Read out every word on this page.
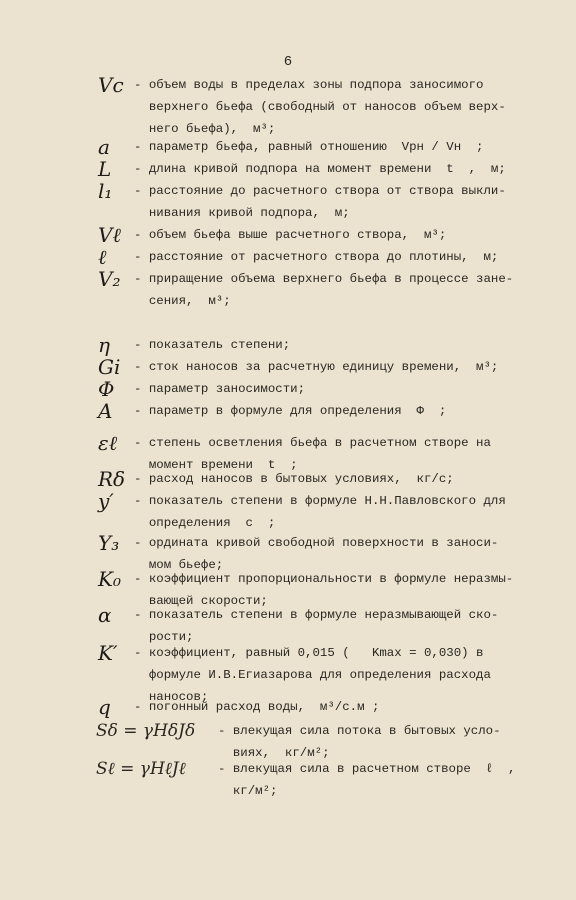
6
Vc - объем воды в пределах зоны подпора заносимого
верхнего бьефа (свободный от наносов объем верх-
него бьефа),  м³;
a	- параметр бьефа, равный отношению  Vрн / Vн  ;
L	- длина кривой подпора на момент времени  t  ,  м;
l₁	- расстояние до расчетного створа от створа выкли-
нивания кривой подпора,  м;
Vℓ	- объем бьефа выше расчетного створа,  м³;
ℓ	- расстояние от расчетного створа до плотины,  м;
V₂	- приращение объема верхнего бьефа в процессе зане-
сения,  м³;
η	- показатель степени;
Gi	- сток наносов за расчетную единицу времени,  м³;
Φ	- параметр заносимости;
A	- параметр в формуле для определения  Φ  ;
εℓ	- степень осветления бьефа в расчетном створе на
момент времени  t  ;
Rδ - расход наносов в бытовых условиях,  кг/с;
y′	- показатель степени в формуле Н.Н.Павловского для
определения  c  ;
Y₃	- ордината кривой свободной поверхности в заноси-
мом бьефе;
K₀	- коэффициент пропорциональности в формуле неразмы-
вающей скорости;
α	- показатель степени в формуле неразмывающей ско-
рости;
K′	- коэффициент, равный 0,015 (   Kmax = 0,030) в
формуле И.В.Егиазарова для определения расхода
наносов;
q	- погонный расход воды,  м³/с.м ;
Sδ = γHδJδ	- влекущая сила потока в бытовых усло-
виях,  кг/м²;
Sℓ = γHℓJℓ	- влекущая сила в расчетном створе  ℓ  ,
кг/м²;
